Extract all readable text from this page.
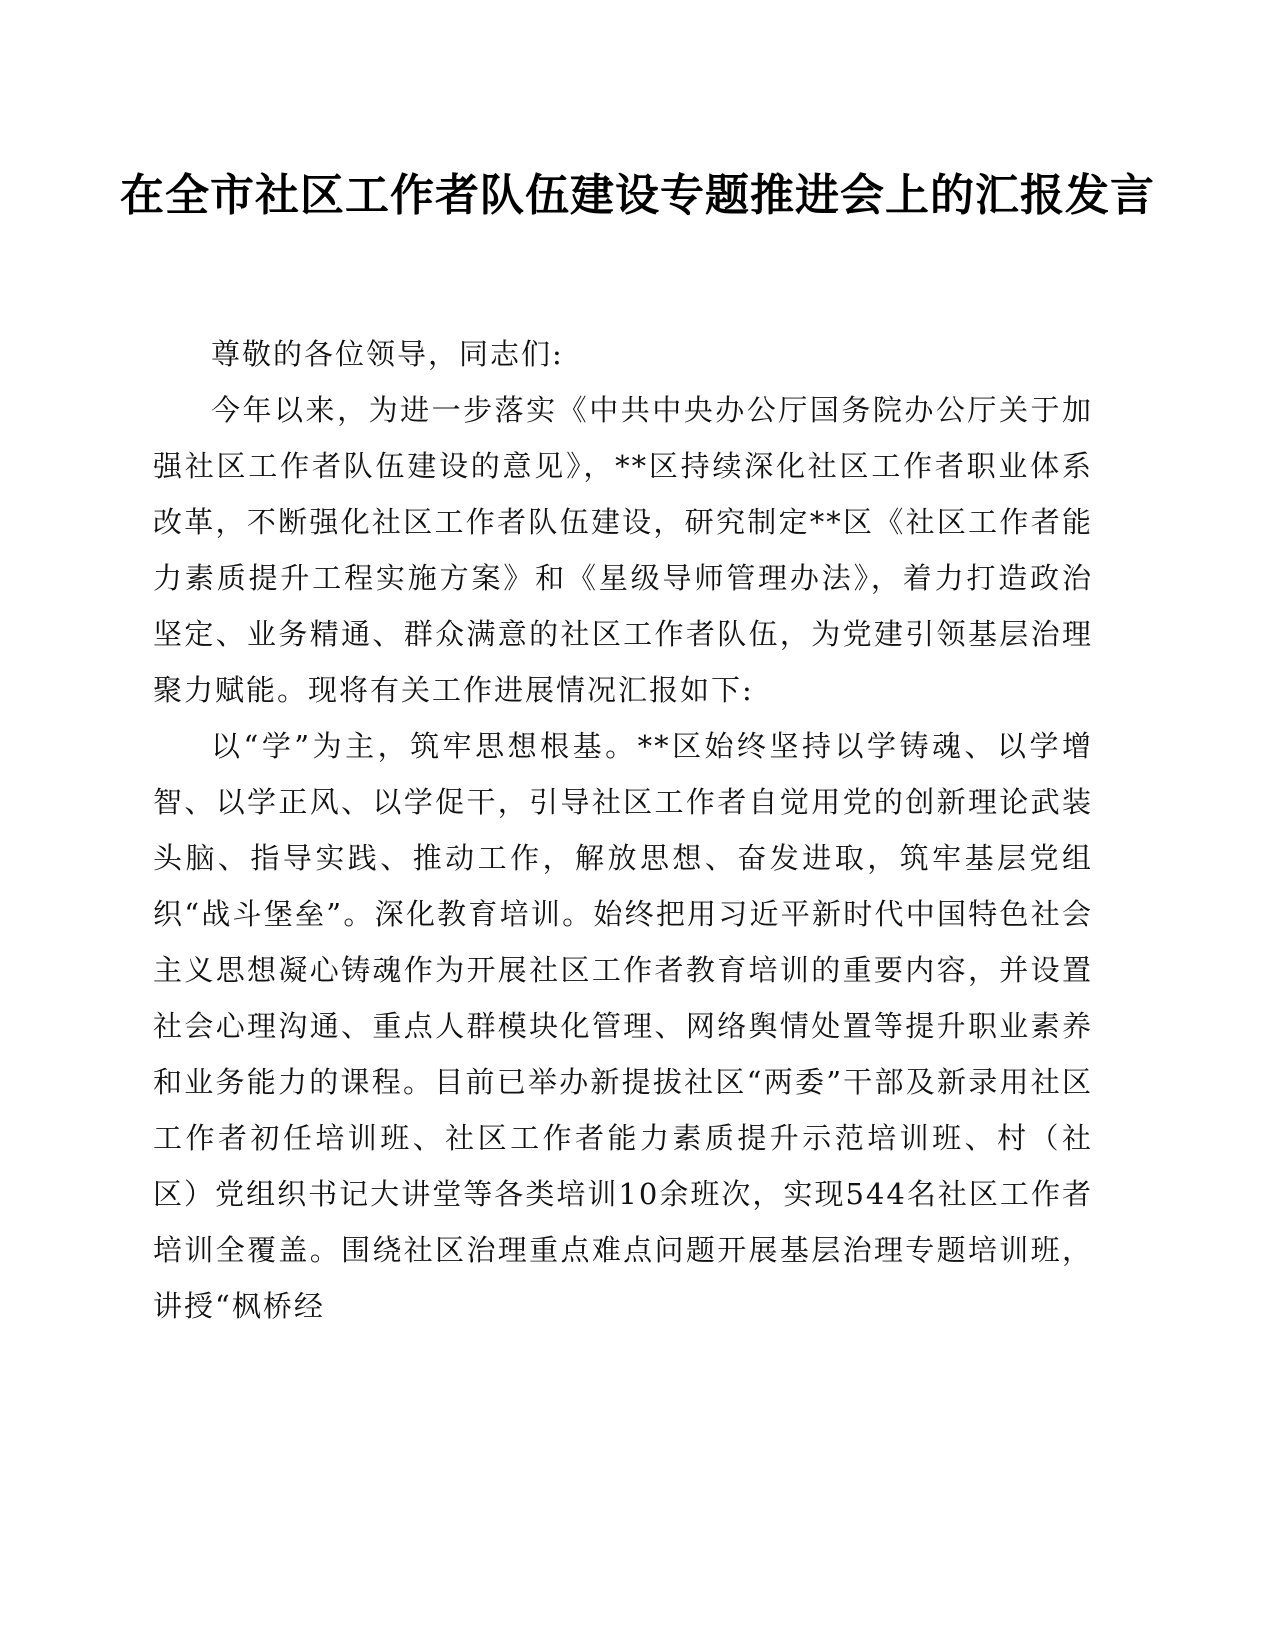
在全市社区工作者队伍建设专题推进会上的汇报发言

尊敬的各位领导，同志们:

今年以来，为进一步落实《中共中央办公厅国务院办公厅关于加强社区工作者队伍建设的意见》，**区持续深化社区工作者职业体系改革，不断强化社区工作者队伍建设，研究制定**区《社区工作者能力素质提升工程实施方案》和《星级导师管理办法》，着力打造政治坚定、业务精通、群众满意的社区工作者队伍，为党建引领基层治理聚力赋能。现将有关工作进展情况汇报如下:

以“学”为主，筑牢思想根基。**区始终坚持以学铸魂、以学增智、以学正风、以学促干，引导社区工作者自觉用党的创新理论武装头脑、指导实践、推动工作，解放思想、奋发进取，筑牢基层党组织“战斗堡垒”。深化教育培训。始终把用习近平新时代中国特色社会主义思想凝心铸魂作为开展社区工作者教育培训的重要内容，并设置社会心理沟通、重点人群模块化管理、网络舆情处置等提升职业素养和业务能力的课程。目前已举办新提拔社区“两委”干部及新录用社区工作者初任培训班、社区工作者能力素质提升示范培训班、村（社区）党组织书记大讲堂等各类培训10余班次，实现544名社区工作者培训全覆盖。围绕社区治理重点难点问题开展基层治理专题培训班，讲授“枫桥经
